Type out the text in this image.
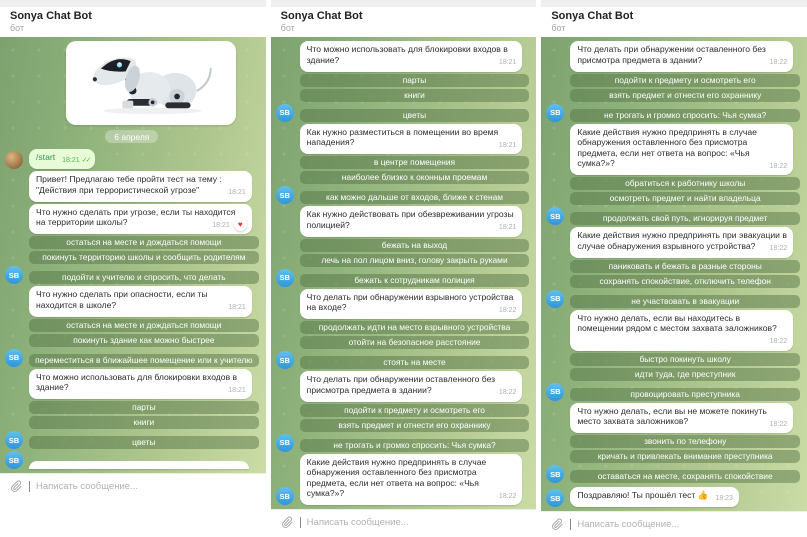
Sonya Chat Bot
бот
6 апреля
/start	✓✓
18:21
Привет! Предлагаю тебе пройти тест на тему : "Действия при террористической угрозе"	18:21
Что нужно сделать при угрозе, если ты находится на территории школы?	♥
18:21
остаться на месте и дождаться помощи
покинуть территорию школы и сообщить родителям
SB	подойти к учителю и спросить, что делать
Что нужно сделать при опасности, если ты находится в школе?	18:21
остаться на месте и дождаться помощи
покинуть здание как можно быстрее
SB	переместиться в ближайшее помещение или к учителю
Что можно использовать для блокировки входов в здание?	18:21
парты
книги
SB	цветы
SB
Написать сообщение...
Sonya Chat Bot
бот
Что можно использовать для блокировки входов в здание?	18:21
парты
книги
SB	цветы
Как нужно разместиться в помещении во время нападения?	18:21
в центре помещения
наиболее близко к оконным проемам
SB	как можно дальше от входов, ближе к стенам
Как нужно действовать при обезвреживании угрозы полицией?	18:21
бежать на выход
лечь на пол лицом вниз, голову закрыть руками
SB	бежать к сотрудникам полиция
Что делать при обнаружении взрывного устройства на входе?	18:22
продолжать идти на место взрывного устройства
отойти на безопасное расстояние
SB	стоять на месте
Что делать при обнаружении оставленного без присмотра предмета в здании?	18:22
подойти к предмету и осмотреть его
взять предмет и отнести его охраннику
SB	не трогать и громко спросить: Чья сумка?
SB
Какие действия нужно предпринять в случае обнаружения оставленного без присмотра предмета, если нет ответа на вопрос: «Чья сумка?»?	18:22
Написать сообщение...
Sonya Chat Bot
бот
Что делать при обнаружении оставленного без присмотра предмета в здании?	18:22
подойти к предмету и осмотреть его
взять предмет и отнести его охраннику
SB	не трогать и громко спросить: Чья сумка?
Какие действия нужно предпринять в случае обнаружения оставленного без присмотра предмета, если нет ответа на вопрос: «Чья сумка?»?	18:22
обратиться к работнику школы
осмотреть предмет и найти владельца
SB	продолжать свой путь, игнорируя предмет
Какие действия нужно предпринять при эвакуации в случае обнаружения взрывного устройства? 18:22
паниковать и бежать в разные стороны
сохранять спокойствие, отключить телефон
SB	не участвовать в эвакуации
Что нужно делать, если вы находитесь в помещении рядом с местом захвата заложников?
18:22
быстро покинуть школу
идти туда, где преступник
SB	провоцировать преступника
Что нужно делать, если вы не можете покинуть место захвата заложников?	18:22
звонить по телефону
кричать и привлекать внимание преступника
SB	оставаться на месте, сохранять спокойствие
SB	Поздравляю! Ты прошёл тест 👍 18:23
Написать сообщение...
